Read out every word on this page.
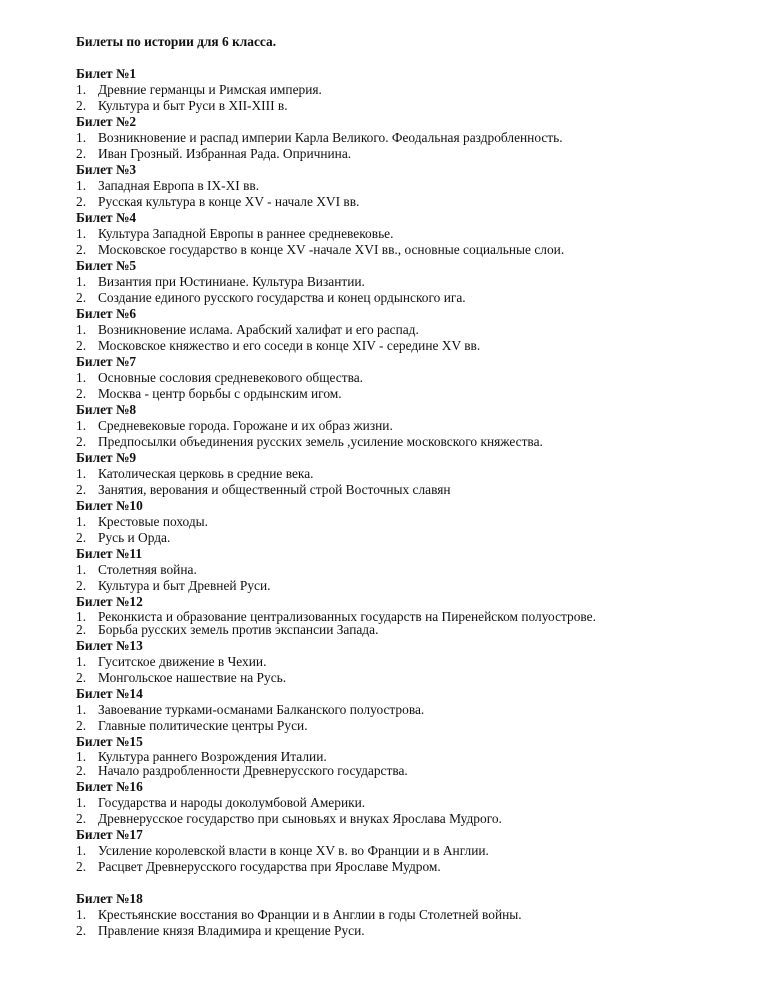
Билеты по истории для 6 класса.
Билет №1
1. Древние германцы и Римская империя.
2. Культура и быт Руси в XII-XIII в.
Билет №2
1. Возникновение и распад империи Карла Великого. Феодальная раздробленность.
2. Иван Грозный. Избранная Рада. Опричнина.
Билет №3
1. Западная Европа в IX-XI вв.
2. Русская культура в конце XV - начале XVI вв.
Билет №4
1. Культура Западной Европы в раннее средневековье.
2. Московское государство в конце XV -начале XVI вв., основные социальные слои.
Билет №5
1. Византия при Юстиниане. Культура Византии.
2. Создание единого русского государства и конец ордынского ига.
Билет №6
1. Возникновение ислама. Арабский халифат и его распад.
2. Московское княжество и его соседи в конце XIV - середине XV вв.
Билет №7
1. Основные сословия средневекового общества.
2. Москва - центр борьбы с ордынским игом.
Билет №8
1. Средневековые города. Горожане и их образ жизни.
2. Предпосылки объединения русских земель ,усиление московского княжества.
Билет №9
1. Католическая церковь в средние века.
2. Занятия, верования и общественный строй Восточных славян
Билет №10
1. Крестовые походы.
2. Русь и Орда.
Билет №11
1. Столетняя война.
2. Культура и быт Древней Руси.
Билет №12
1. Реконкиста и образование централизованных государств на Пиренейском полуострове.
2. Борьба русских земель против экспансии Запада.
Билет №13
1. Гуситское движение в Чехии.
2. Монгольское нашествие на Русь.
Билет №14
1. Завоевание турками-османами Балканского полуострова.
2. Главные политические центры Руси.
Билет №15
1. Культура раннего Возрождения Италии.
2. Начало раздробленности Древнерусского государства.
Билет №16
1. Государства и народы доколумбовой Америки.
2. Древнерусское государство при сыновьях и внуках Ярослава Мудрого.
Билет №17
1. Усиление королевской власти в конце XV в. во Франции и в Англии.
2. Расцвет Древнерусского государства при Ярославе Мудром.
Билет №18
1. Крестьянские восстания во Франции и в Англии в годы Столетней войны.
2. Правление князя Владимира и крещение Руси.
